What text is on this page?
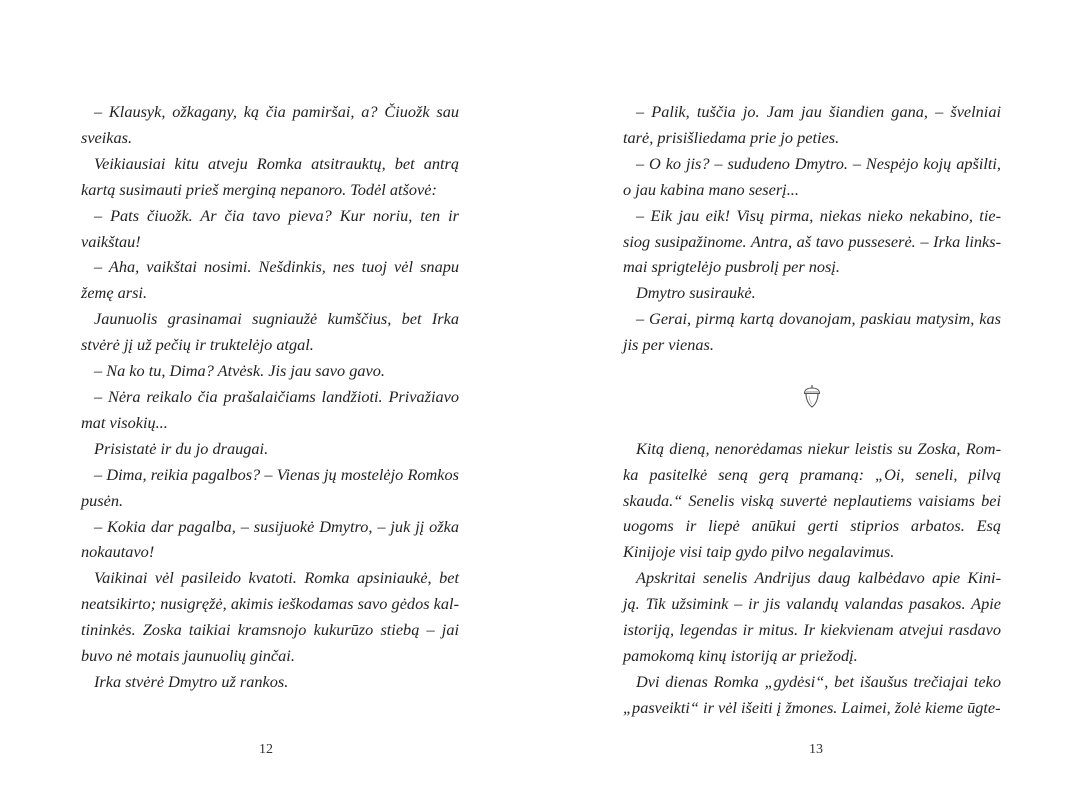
– Klausyk, ožkagany, ką čia pamiršai, a? Čiuožk sau sveikas.

Veikiausiai kitu atveju Romka atsitrauktų, bet antrą kartą susimauti prieš merginą nepanoro. Todėl atšovė:

– Pats čiuožk. Ar čia tavo pieva? Kur noriu, ten ir vaikštau!

– Aha, vaikštai nosimi. Nešdinkis, nes tuoj vėl snapu žemę arsi.

Jaunuolis grasinamai sugniaužė kumščius, bet Irka stvėrė jį už pečių ir truktelėjo atgal.

– Na ko tu, Dima? Atvėsk. Jis jau savo gavo.

– Nėra reikalo čia prašalaičiams landžioti. Privažiavo mat visokių...

Prisistatė ir du jo draugai.

– Dima, reikia pagalbos? – Vienas jų mostelėjo Romkos pusėn.

– Kokia dar pagalba, – susijuokė Dmytro, – juk jį ožka nokautavo!

Vaikinai vėl pasileido kvatoti. Romka apsiniaukė, bet neatsikirto; nusigręžė, akimis ieškodamas savo gėdos kal- tininkės. Zoska taikiai kramsnojo kukurūzo stiebą – jai buvo nė motais jaunuolių ginčai.

Irka stvėrė Dmytro už rankos.

12

– Palik, tuščia jo. Jam jau šiandien gana, – švelniai tarė, prisišliedama prie jo peties.

– O ko jis? – sududeno Dmytro. – Nespėjo kojų apšilti, o jau kabina mano seserį...

– Eik jau eik! Visų pirma, niekas nieko nekabino, tie- siog susipažinome. Antra, aš tavo pusseserė. – Irka links- mai sprigtelėjo pusbrolį per nosį.

Dmytro susiraukė.

– Gerai, pirmą kartą dovanojam, paskiau matysim, kas jis per vienas.

Kitą dieną, nenorėdamas niekur leistis su Zoska, Rom- ka pasitelkė seną gerą pramaną: „Oi, seneli, pilvą skauda.“ Senelis viską suvertė neplautiems vaisiams bei uogoms ir liepė anūkui gerti stiprios arbatos. Esą Kinijoje visi taip gydo pilvo negalavimus.

Apskritai senelis Andrijus daug kalbėdavo apie Kini- ją. Tik užsimink – ir jis valandų valandas pasakos. Apie istoriją, legendas ir mitus. Ir kiekvienam atvejui rasdavo pamokomą kinų istoriją ar priežodį.

Dvi dienas Romka „gydėsi“, bet išaušus trečiajai teko „pasveikti“ ir vėl išeiti į žmones. Laimei, žolė kieme ūgte-

13
